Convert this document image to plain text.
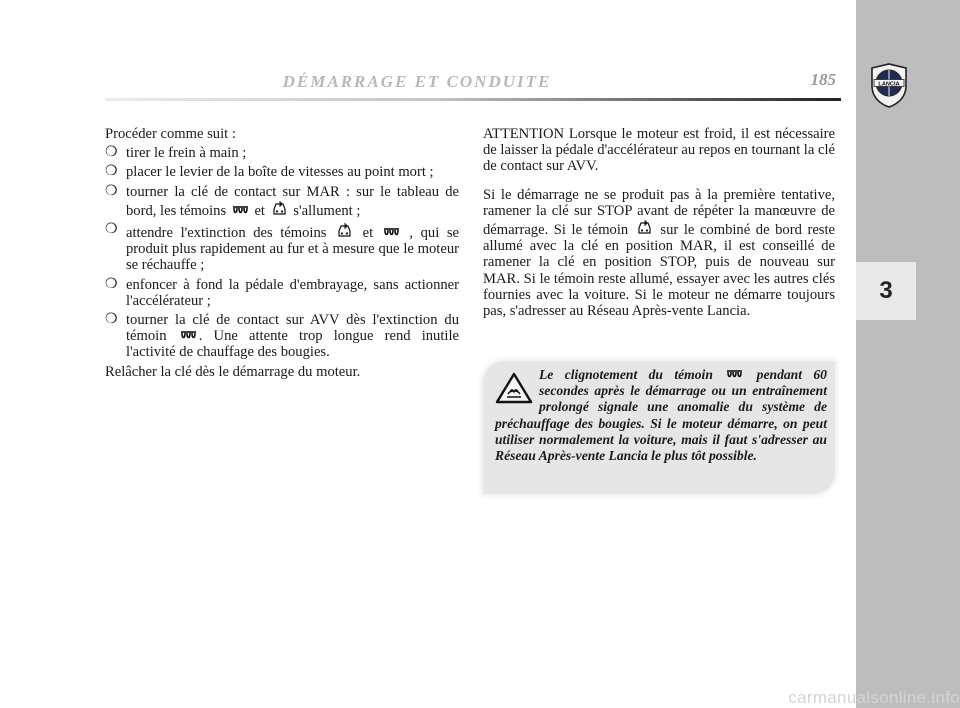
DÉMARRAGE ET CONDUITE	185	LANCIA
3

Procéder comme suit :

❍ tirer le frein à main ;
❍ placer le levier de la boîte de vitesses au point mort ;
❍ tourner la clé de contact sur MAR : sur le tableau de bord, les témoins et s'allument ;
❍ attendre l'extinction des témoins et , qui se produit plus rapidement au fur et à mesure que le moteur se réchauffe ;
❍ enfoncer à fond la pédale d'embrayage, sans actionner l'accélérateur ;
❍ tourner la clé de contact sur AVV dès l'extinction du témoin . Une attente trop longue rend inutile l'activité de chauffage des bougies.

Relâcher la clé dès le démarrage du moteur.

ATTENTION Lorsque le moteur est froid, il est nécessaire de laisser la pédale d'accélérateur au repos en tournant la clé de contact sur AVV.

Si le démarrage ne se produit pas à la première tentative, ramener la clé sur STOP avant de répéter la manœuvre de démarrage. Si le témoin sur le combiné de bord reste allumé avec la clé en position MAR, il est conseillé de ramener la clé en position STOP, puis de nouveau sur MAR. Si le témoin reste allumé, essayer avec les autres clés fournies avec la voiture. Si le moteur ne démarre toujours pas, s'adresser au Réseau Après-vente Lancia.

Le clignotement du témoin	pendant 60 secondes après le démarrage ou un entraînement prolongé signale une anomalie du système de préchauffage des bougies. Si le moteur démarre, on peut utiliser normalement la voiture, mais il faut s'adresser au Réseau Après-vente Lancia le plus tôt possible.
carmanualsonline.info
